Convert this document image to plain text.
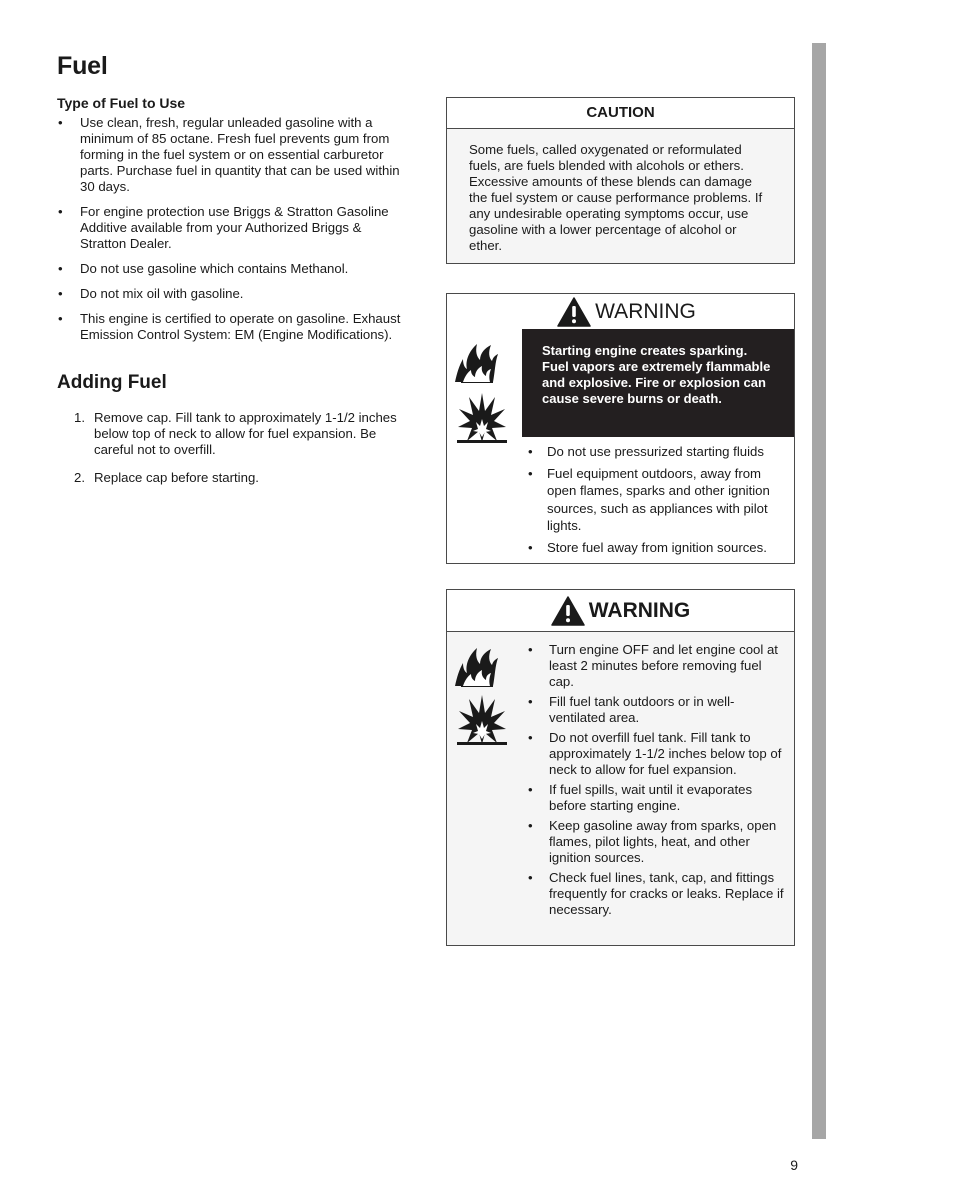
Fuel
Type of Fuel to Use
• Use clean, fresh, regular unleaded gasoline with a minimum of 85 octane. Fresh fuel prevents gum from forming in the fuel system or on essential carburetor parts. Purchase fuel in quantity that can be used within 30 days.
• For engine protection use Briggs & Stratton Gasoline Additive available from your Authorized Briggs & Stratton Dealer.
• Do not use gasoline which contains Methanol.
• Do not mix oil with gasoline.
• This engine is certified to operate on gasoline. Exhaust Emission Control System: EM (Engine Modifications).
Adding Fuel
1. Remove cap. Fill tank to approximately 1-1/2 inches below top of neck to allow for fuel expansion. Be careful not to overfill.
2. Replace cap before starting.
CAUTION
Some fuels, called oxygenated or reformulated fuels, are fuels blended with alcohols or ethers. Excessive amounts of these blends can damage the fuel system or cause performance problems. If any undesirable operating symptoms occur, use gasoline with a lower percentage of alcohol or ether.
WARNING
Starting engine creates sparking. Fuel vapors are extremely flammable and explosive. Fire or explosion can cause severe burns or death.
• Do not use pressurized starting fluids
• Fuel equipment outdoors, away from open flames, sparks and other ignition sources, such as appliances with pilot lights.
• Store fuel away from ignition sources.
WARNING
• Turn engine OFF and let engine cool at least 2 minutes before removing fuel cap.
• Fill fuel tank outdoors or in well-ventilated area.
• Do not overfill fuel tank. Fill tank to approximately 1-1/2 inches below top of neck to allow for fuel expansion.
• If fuel spills, wait until it evaporates before starting engine.
• Keep gasoline away from sparks, open flames, pilot lights, heat, and other ignition sources.
• Check fuel lines, tank, cap, and fittings frequently for cracks or leaks. Replace if necessary.
9
